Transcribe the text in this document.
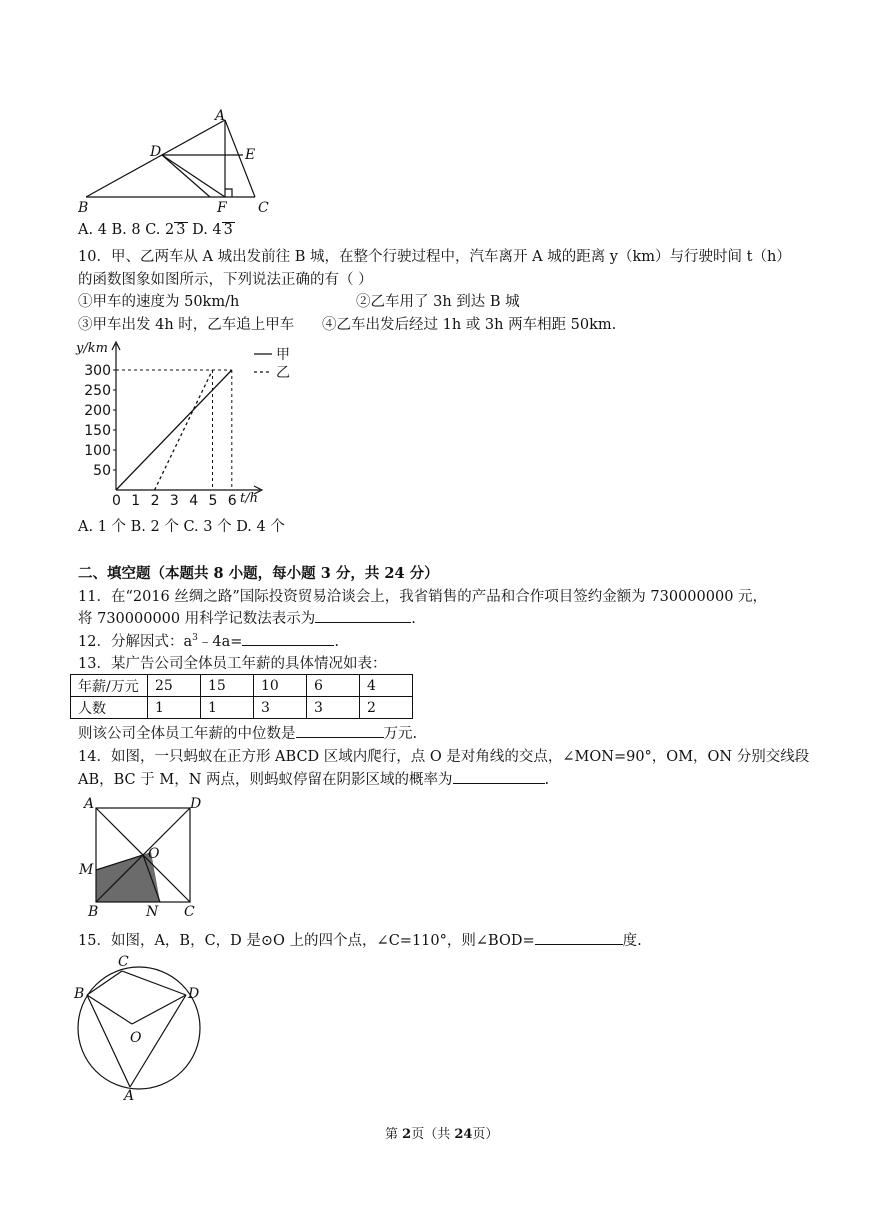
A
D	E
B	F C
A. 4 B. 8 C. 2 3 D. 4 3
10．甲、乙两车从 A 城出发前往 B 城，在整个行驶过程中，汽车离开 A 城的距离 y（km）与行驶时间 t（h）
的函数图象如图所示，下列说法正确的有（ ）
①甲车的速度为 50km/h	②乙车用了 3h 到达 B 城
③甲车出发 4h 时，乙车追上甲车 ④乙车出发后经过 1h 或 3h 两车相距 50km.
0 1 2 3 4 5 6
50
100
150
200
250
300
甲
乙
y/km
t/h
A. 1 个 B. 2 个 C. 3 个 D. 4 个
二、填空题（本题共 8 小题，每小题 3 分，共 24 分）
11．在“2016 丝绸之路”国际投资贸易洽谈会上，我省销售的产品和合作项目签约金额为 730000000 元，
将 730000000 用科学记数法表示为	.
12．分解因式：$a^3﹣4a=$	.
13．某广告公司全体员工年薪的具体情况如表：
年薪/万元	25	15	10	6	4
人数	1	1	3	3	2
则该公司全体员工年薪的中位数是	万元.
14．如图，一只蚂蚁在正方形 ABCD 区域内爬行，点 O 是对角线的交点，∠MON=90°，OM，ON 分别交线段
AB，BC 于 M，N 两点，则蚂蚁停留在阴影区域的概率为	.
A	D
M
O
B	N C
15．如图，A，B，C，D 是⊙O 上的四个点，∠C=110°，则∠BOD=	度.
C
B	D
O
A
第 2页（共 24页）
